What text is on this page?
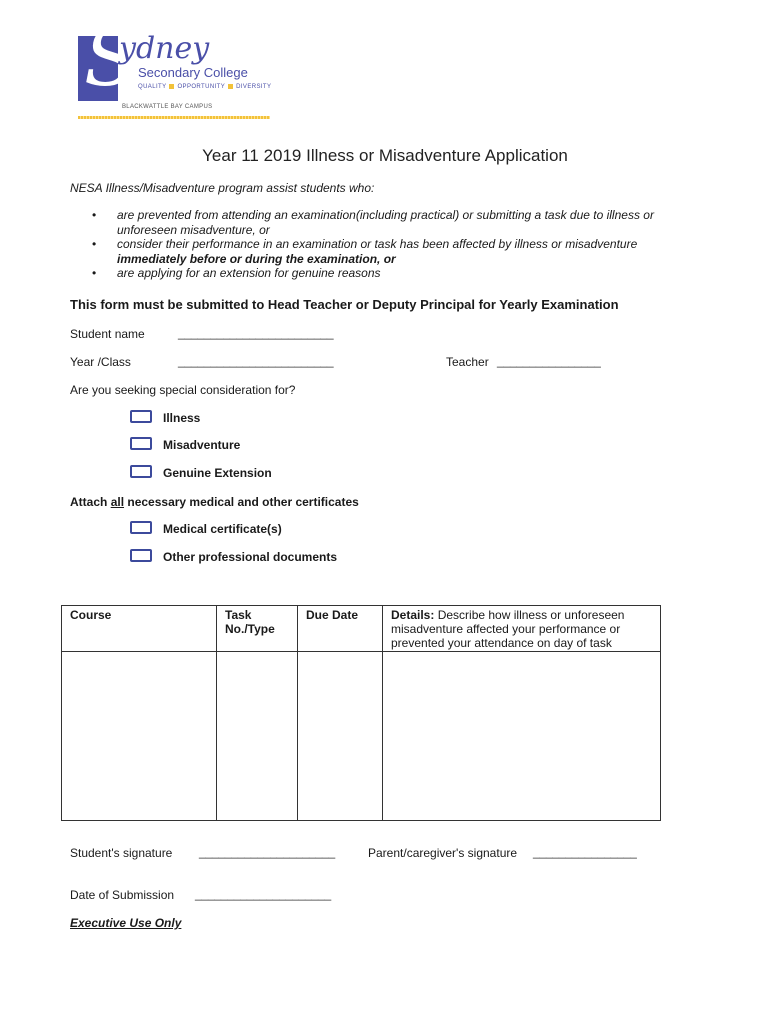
S
ydney
Secondary College
QUALITY OPPORTUNITY DIVERSITY
BLACKWATTLE BAY CAMPUS
Year 11 2019 Illness or Misadventure Application
NESA Illness/Misadventure program assist students who:
• are prevented from attending an examination(including practical) or submitting a task due to illness or unforeseen misadventure, or
• consider their performance in an examination or task has been affected by illness or misadventure
immediately before or during the examination, or
• are applying for an extension for genuine reasons
This form must be submitted to Head Teacher or Deputy Principal for Yearly Examination
Student name	________________________
Year /Class	________________________	Teacher ________________
Are you seeking special consideration for?
Illness
Misadventure
Genuine Extension
Attach all necessary medical and other certificates
Medical certificate(s)
Other professional documents
Course	Task No./Type	Due Date	Details: Describe how illness or unforeseen misadventure affected your performance or prevented your attendance on day of task

Student's signature _____________________	Parent/caregiver's signature ________________
Date of Submission _____________________
Executive Use Only
